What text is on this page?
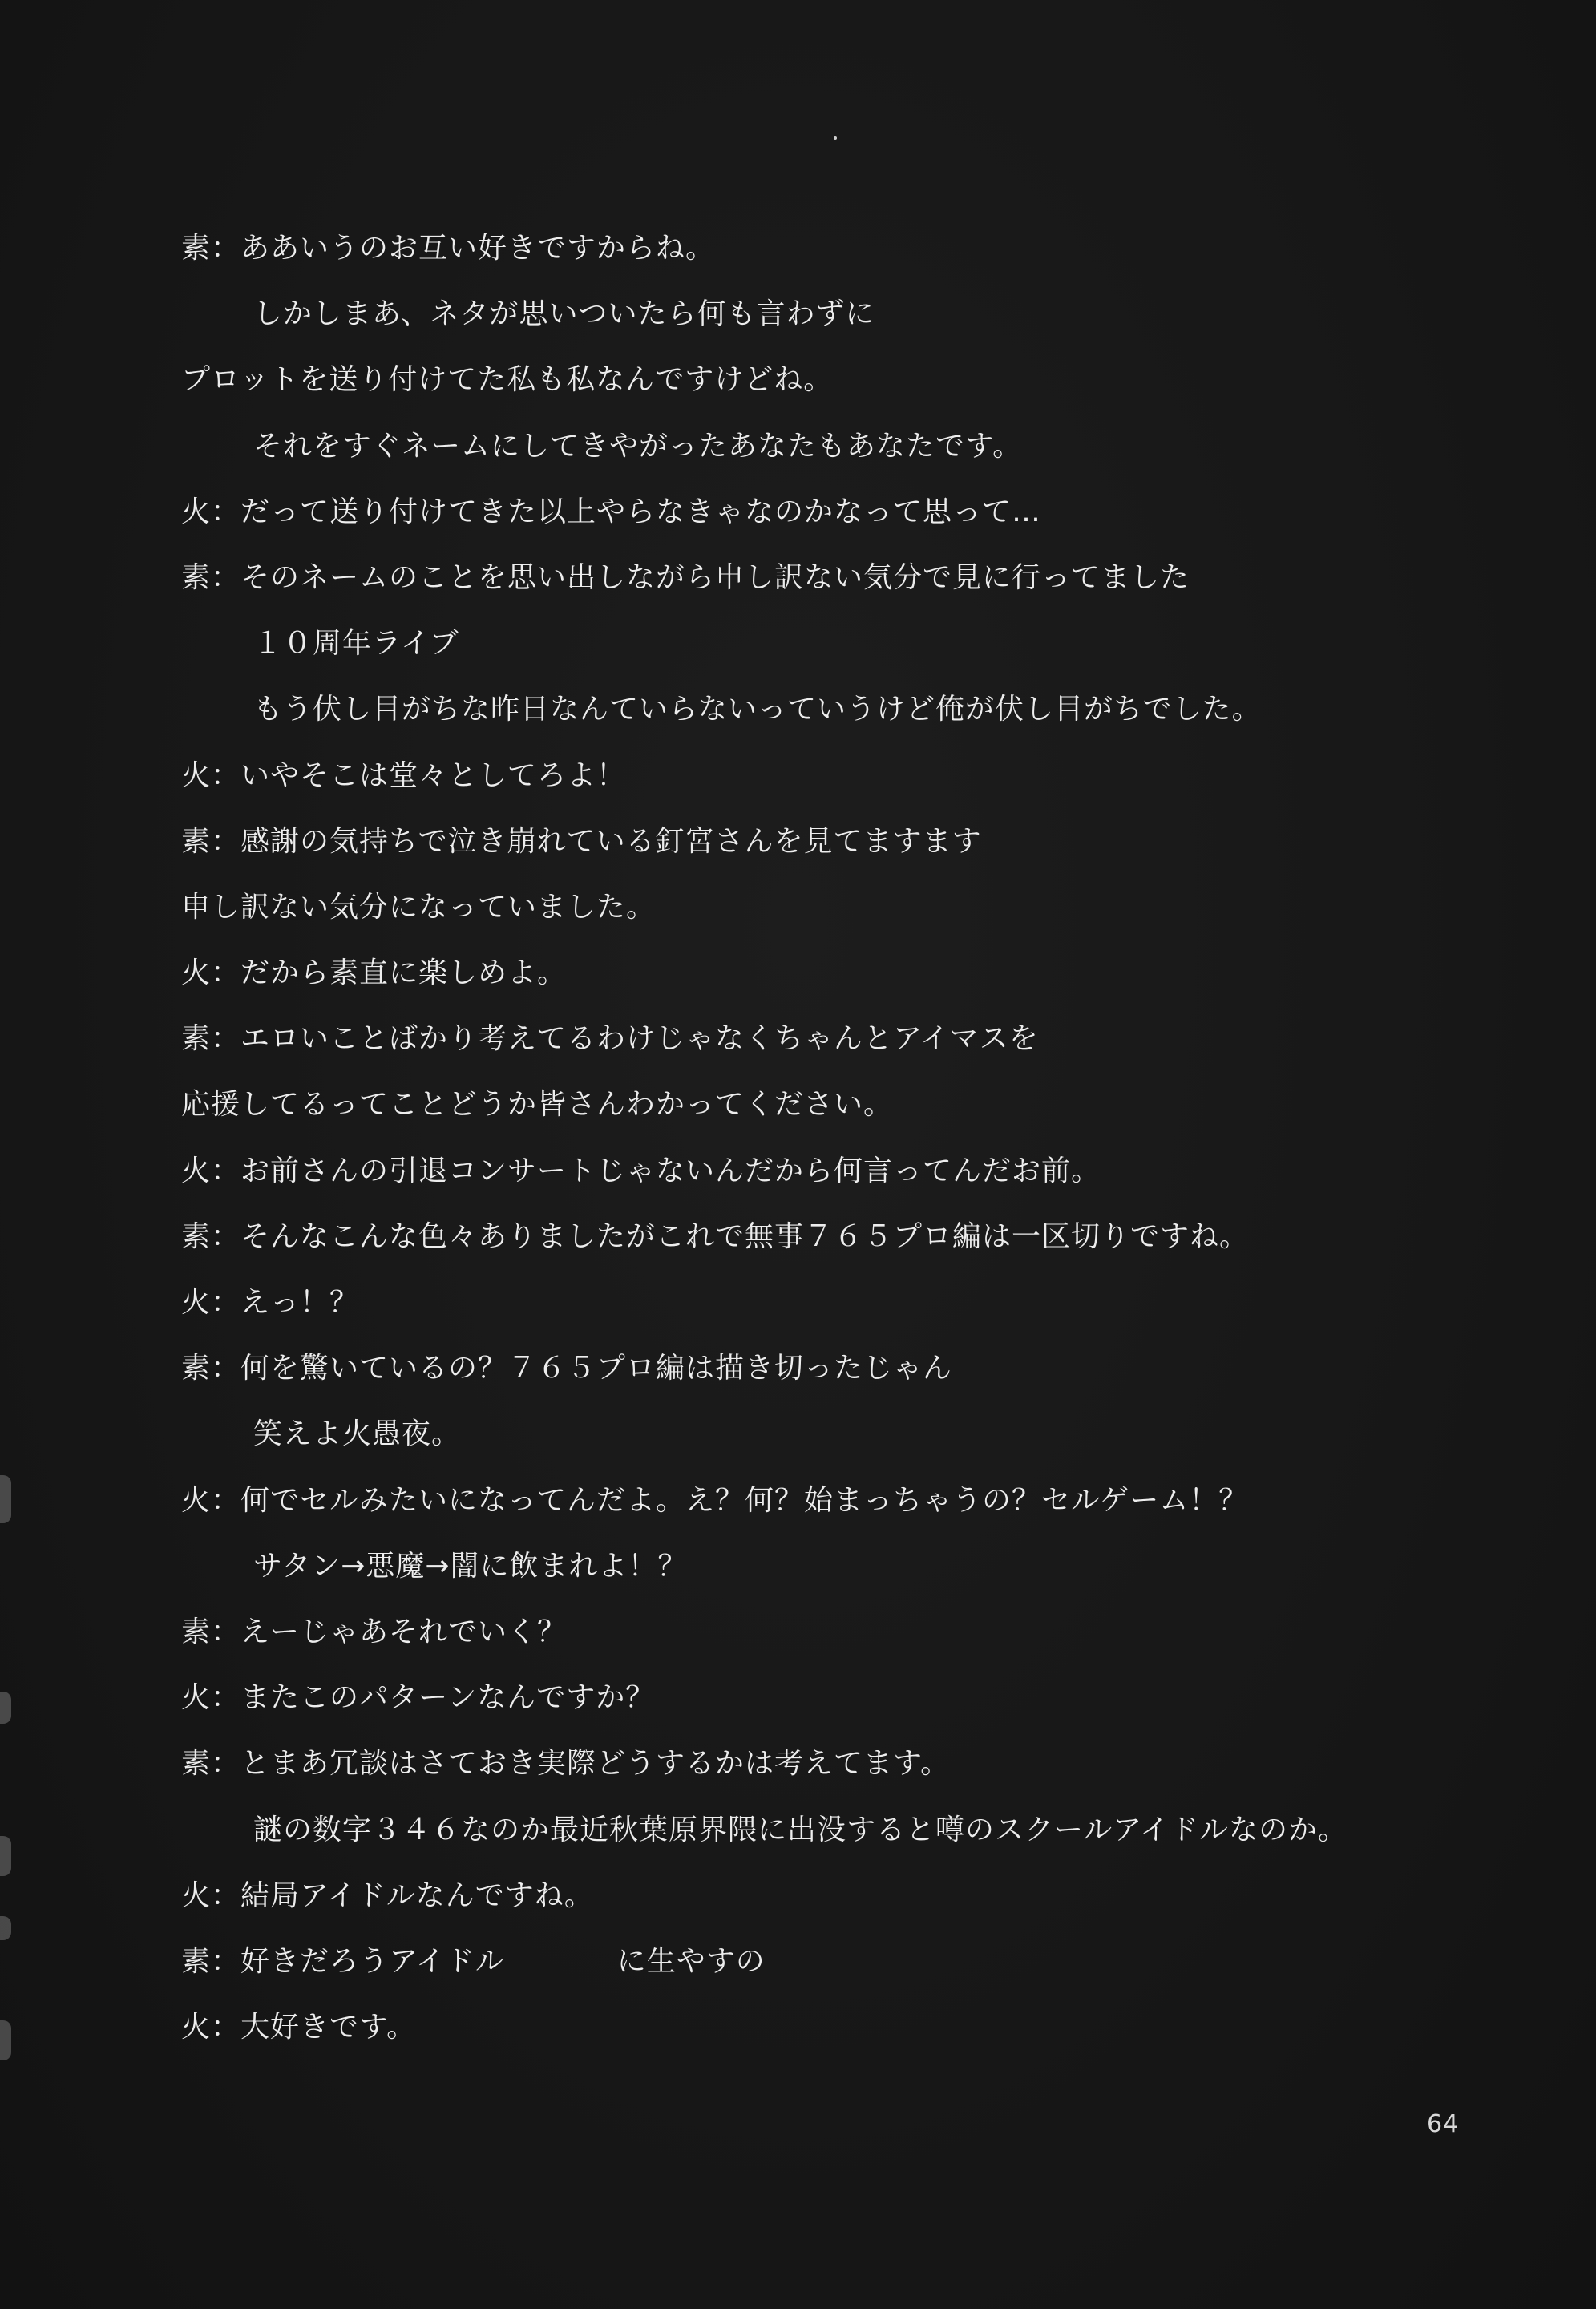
素：ああいうのお互い好きですからね。
しかしまあ、ネタが思いついたら何も言わずに
プロットを送り付けてた私も私なんですけどね。
それをすぐネームにしてきやがったあなたもあなたです。
火：だって送り付けてきた以上やらなきゃなのかなって思って…
素：そのネームのことを思い出しながら申し訳ない気分で見に行ってました
１０周年ライブ
もう伏し目がちな昨日なんていらないっていうけど俺が伏し目がちでした。
火：いやそこは堂々としてろよ！
素：感謝の気持ちで泣き崩れている釘宮さんを見てますます
申し訳ない気分になっていました。
火：だから素直に楽しめよ。
素：エロいことばかり考えてるわけじゃなくちゃんとアイマスを
応援してるってことどうか皆さんわかってください。
火：お前さんの引退コンサートじゃないんだから何言ってんだお前。
素：そんなこんな色々ありましたがこれで無事７６５プロ編は一区切りですね。
火：えっ！？
素：何を驚いているの？７６５プロ編は描き切ったじゃん
笑えよ火愚夜。
火：何でセルみたいになってんだよ。え？何？始まっちゃうの？セルゲーム！？
サタン→悪魔→闇に飲まれよ！？
素：えーじゃあそれでいく？
火：またこのパターンなんですか？
素：とまあ冗談はさておき実際どうするかは考えてます。
謎の数字３４６なのか最近秋葉原界隈に出没すると噂のスクールアイドルなのか。
火：結局アイドルなんですね。
素：好きだろうアイドル	に生やすの
火：大好きです。
64
